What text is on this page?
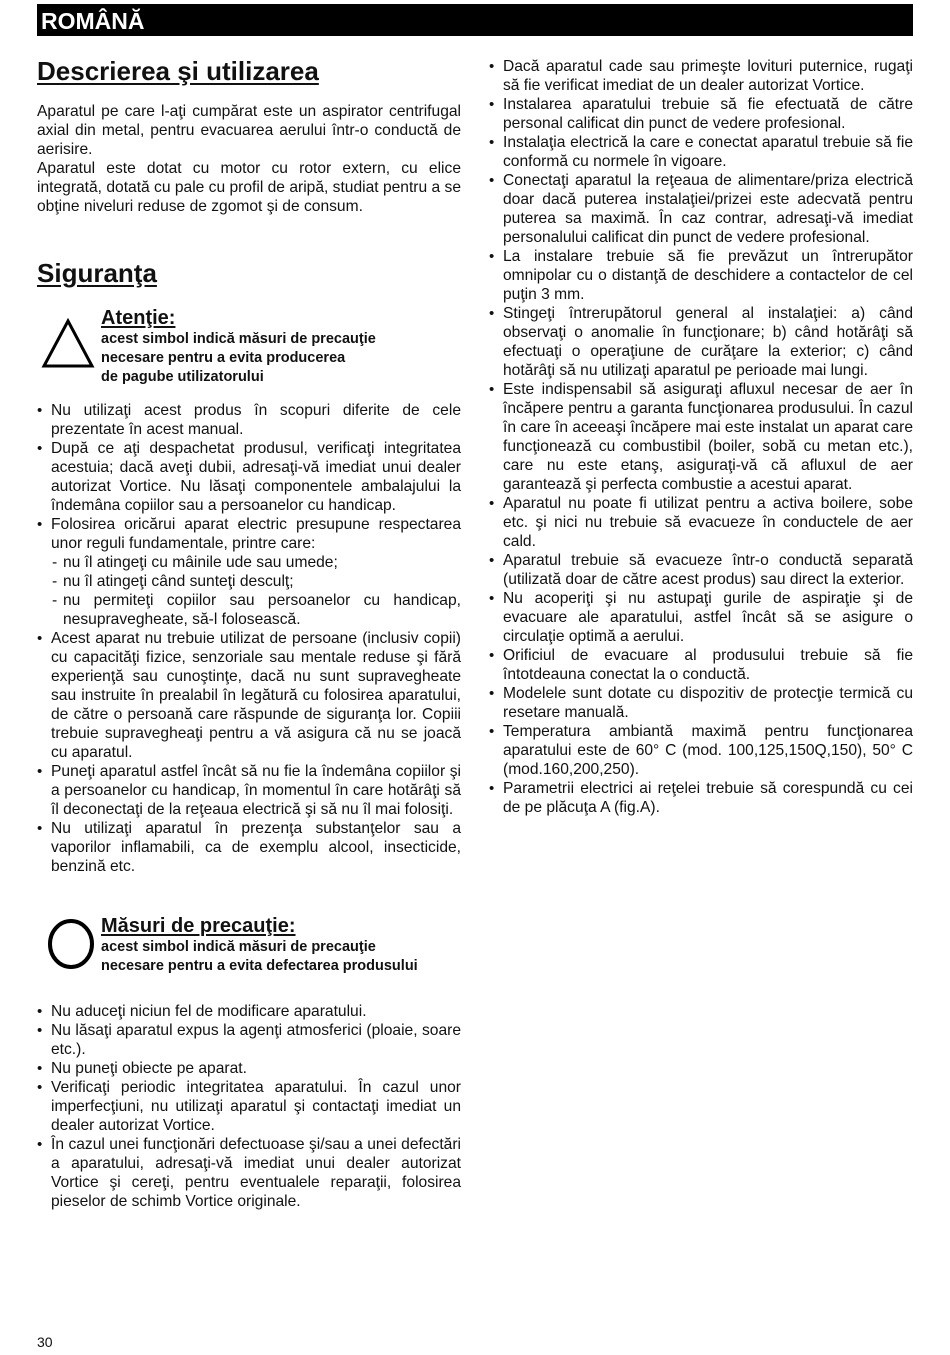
ROMÂNĂ
Descrierea şi utilizarea

Aparatul pe care l-aţi cumpărat este un aspirator centrifugal axial din metal, pentru evacuarea aerului într-o conductă de aerisire.

Aparatul este dotat cu motor cu rotor extern, cu elice integrată, dotată cu pale cu profil de aripă, studiat pentru a se obţine niveluri reduse de zgomot şi de consum.

Siguranţa
Atenţie:
acest simbol indică măsuri de precauţie
necesare pentru a evita producerea
de pagube utilizatorului
• Nu utilizaţi acest produs în scopuri diferite de cele prezentate în acest manual.
• După ce aţi despachetat produsul, verificaţi integritatea acestuia; dacă aveţi dubii, adresaţi-vă imediat unui dealer autorizat Vortice. Nu lăsaţi componentele ambalajului la îndemâna copiilor sau a persoanelor cu handicap.
• Folosirea oricărui aparat electric presupune respectarea unor reguli fundamentale, printre care:
- nu îl atingeţi cu mâinile ude sau umede;
- nu îl atingeţi când sunteţi desculţ;
- nu permiteţi copiilor sau persoanelor cu handicap, nesupravegheate, să-l folosească.
• Acest aparat nu trebuie utilizat de persoane (inclusiv copii) cu capacităţi fizice, senzoriale sau mentale reduse şi fără experienţă sau cunoştinţe, dacă nu sunt supravegheate sau instruite în prealabil în legătură cu folosirea aparatului, de către o persoană care răspunde de siguranţa lor. Copiii trebuie supravegheaţi pentru a vă asigura că nu se joacă cu aparatul.
• Puneţi aparatul astfel încât să nu fie la îndemâna copiilor şi a persoanelor cu handicap, în momentul în care hotărâţi să îl deconectaţi de la reţeaua electrică şi să nu îl mai folosiţi.
• Nu utilizaţi aparatul în prezenţa substanţelor sau a vaporilor inflamabili, ca de exemplu alcool, insecticide, benzină etc.
Măsuri de precauţie:
acest simbol indică măsuri de precauţie
necesare pentru a evita defectarea produsului
• Nu aduceţi niciun fel de modificare aparatului.
• Nu lăsaţi aparatul expus la agenţi atmosferici (ploaie, soare etc.).
• Nu puneţi obiecte pe aparat.
• Verificaţi periodic integritatea aparatului. În cazul unor imperfecţiuni, nu utilizaţi aparatul şi contactaţi imediat un dealer autorizat Vortice.
• În cazul unei funcţionări defectuoase şi/sau a unei defectări a aparatului, adresaţi-vă imediat unui dealer autorizat Vortice şi cereţi, pentru eventualele reparaţii, folosirea pieselor de schimb Vortice originale.
• Dacă aparatul cade sau primeşte lovituri puternice, rugaţi să fie verificat imediat de un dealer autorizat Vortice.
• Instalarea aparatului trebuie să fie efectuată de către personal calificat din punct de vedere profesional.
• Instalaţia electrică la care e conectat aparatul trebuie să fie conformă cu normele în vigoare.
• Conectaţi aparatul la reţeaua de alimentare/priza electrică doar dacă puterea instalaţiei/prizei este adecvată pentru puterea sa maximă. În caz contrar, adresaţi-vă imediat personalului calificat din punct de vedere profesional.
• La instalare trebuie să fie prevăzut un întrerupător omnipolar cu o distanţă de deschidere a contactelor de cel puţin 3 mm.
• Stingeţi întrerupătorul general al instalaţiei: a) când observaţi o anomalie în funcţionare; b) când hotărâţi să efectuaţi o operaţiune de curăţare la exterior; c) când hotărâţi să nu utilizaţi aparatul pe perioade mai lungi.
• Este indispensabil să asiguraţi afluxul necesar de aer în încăpere pentru a garanta funcţionarea produsului. În cazul în care în aceeaşi încăpere mai este instalat un aparat care funcţionează cu combustibil (boiler, sobă cu metan etc.), care nu este etanş, asiguraţi-vă că afluxul de aer garantează şi perfecta combustie a acestui aparat.
• Aparatul nu poate fi utilizat pentru a activa boilere, sobe etc. şi nici nu trebuie să evacueze în conductele de aer cald.
• Aparatul trebuie să evacueze într-o conductă separată (utilizată doar de către acest produs) sau direct la exterior.
• Nu acoperiţi şi nu astupaţi gurile de aspiraţie şi de evacuare ale aparatului, astfel încât să se asigure o circulaţie optimă a aerului.
• Orificiul de evacuare al produsului trebuie să fie întotdeauna conectat la o conductă.
• Modelele sunt dotate cu dispozitiv de protecţie termică cu resetare manuală.
• Temperatura ambiantă maximă pentru funcţionarea aparatului este de 60° C (mod. 100,125,150Q,150), 50° C (mod.160,200,250).
• Parametrii electrici ai reţelei trebuie să corespundă cu cei de pe plăcuţa A (fig.A).
30
